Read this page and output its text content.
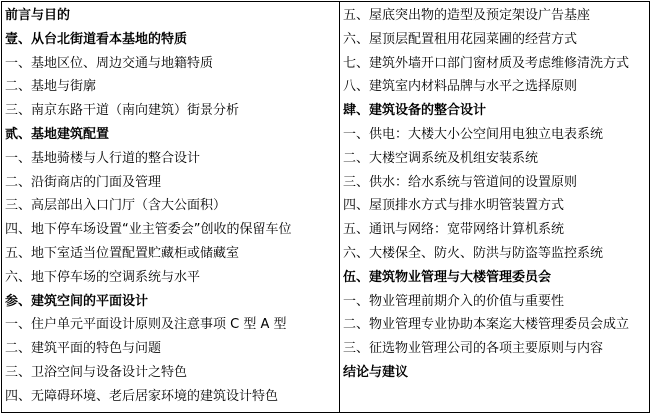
前言与目的
壹、从台北街道看本基地的特质
一、基地区位、周边交通与地籍特质
二、基地与街廓
三、南京东路干道（南向建筑）街景分析
贰、基地建筑配置
一、基地骑楼与人行道的整合设计
二、沿街商店的门面及管理
三、高层部出入口门厅（含大公面积）
四、地下停车场设置“业主管委会”创收的保留车位
五、地下室适当位置配置贮藏柜或储藏室
六、地下停车场的空调系统与水平
参、建筑空间的平面设计
一、住户单元平面设计原则及注意事项 C 型 A 型
二、建筑平面的特色与问题
三、卫浴空间与设备设计之特色
四、无障碍环境、老后居家环境的建筑设计特色
五、屋底突出物的造型及预定架设广告基座
六、屋顶层配置租用花园菜圃的经营方式
七、建筑外墙开口部门窗材质及考虑维修清洗方式
八、建筑室内材料品牌与水平之选择原则
肆、建筑设备的整合设计
一、供电：大楼大小公空间用电独立电表系统
二、大楼空调系统及机组安装系统
三、供水：给水系统与管道间的设置原则
四、屋顶排水方式与排水明管装置方式
五、通讯与网络：宽带网络计算机系统
六、大楼保全、防火、防洪与防盗等监控系统
伍、建筑物业管理与大楼管理委员会
一、物业管理前期介入的价值与重要性
二、物业管理专业协助本案迄大楼管理委员会成立
三、征选物业管理公司的各项主要原则与内容
结论与建议
